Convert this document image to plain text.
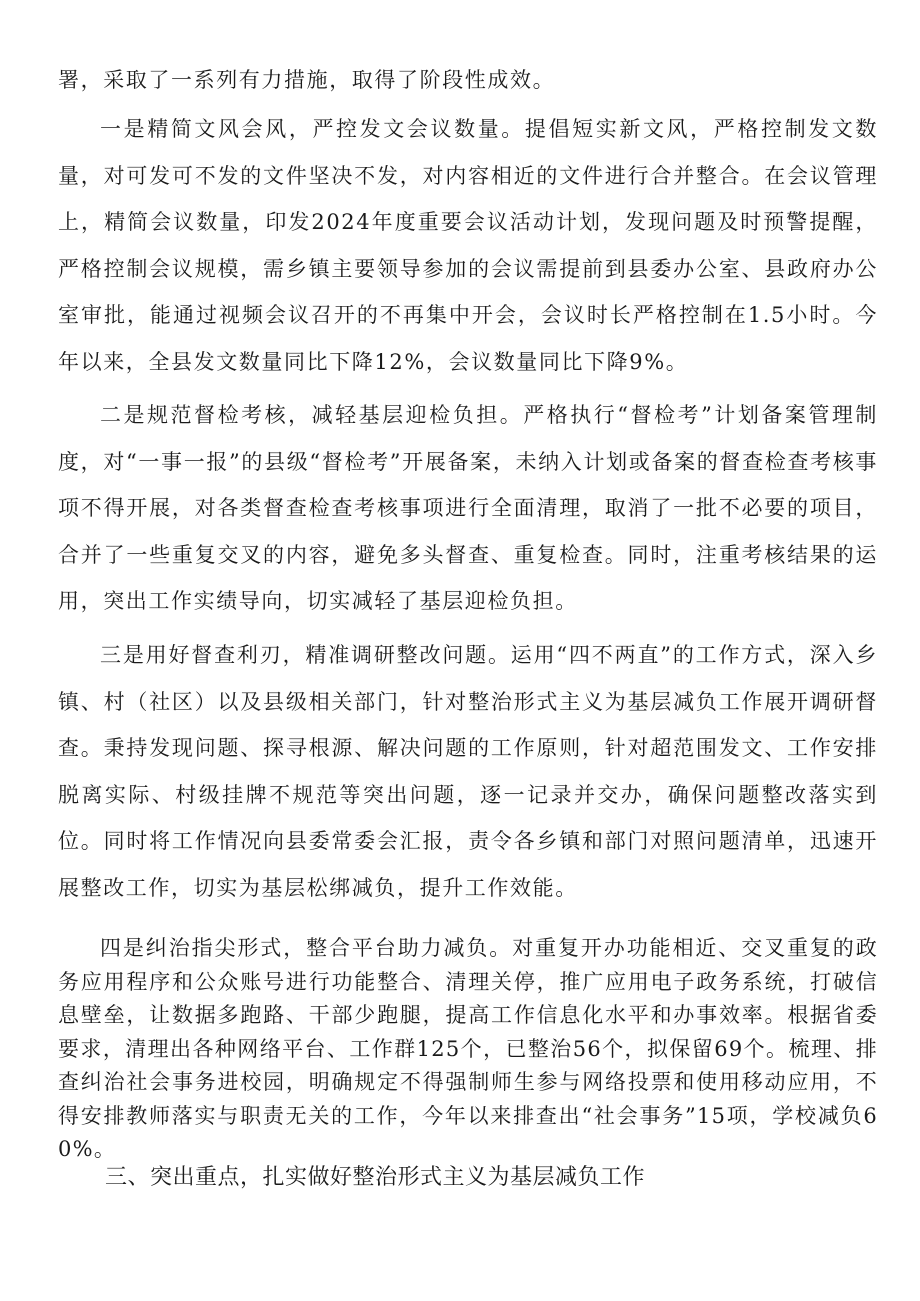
署，采取了一系列有力措施，取得了阶段性成效。

一是精简文风会风，严控发文会议数量。提倡短实新文风，严格控制发文数量，对可发可不发的文件坚决不发，对内容相近的文件进行合并整合。在会议管理上，精简会议数量，印发2024年度重要会议活动计划，发现问题及时预警提醒，严格控制会议规模，需乡镇主要领导参加的会议需提前到县委办公室、县政府办公室审批，能通过视频会议召开的不再集中开会，会议时长严格控制在1.5小时。今年以来，全县发文数量同比下降12%，会议数量同比下降9%。

二是规范督检考核，减轻基层迎检负担。严格执行“督检考”计划备案管理制度，对“一事一报”的县级“督检考”开展备案，未纳入计划或备案的督查检查考核事项不得开展，对各类督查检查考核事项进行全面清理，取消了一批不必要的项目，合并了一些重复交叉的内容，避免多头督查、重复检查。同时，注重考核结果的运用，突出工作实绩导向，切实减轻了基层迎检负担。

三是用好督查利刃，精准调研整改问题。运用“四不两直”的工作方式，深入乡镇、村（社区）以及县级相关部门，针对整治形式主义为基层减负工作展开调研督查。秉持发现问题、探寻根源、解决问题的工作原则，针对超范围发文、工作安排脱离实际、村级挂牌不规范等突出问题，逐一记录并交办，确保问题整改落实到位。同时将工作情况向县委常委会汇报，责令各乡镇和部门对照问题清单，迅速开展整改工作，切实为基层松绑减负，提升工作效能。

四是纠治指尖形式，整合平台助力减负。对重复开办功能相近、交叉重复的政务应用程序和公众账号进行功能整合、清理关停，推广应用电子政务系统，打破信息壁垒，让数据多跑路、干部少跑腿，提高工作信息化水平和办事效率。根据省委要求，清理出各种网络平台、工作群125个，已整治56个，拟保留69个。梳理、排查纠治社会事务进校园，明确规定不得强制师生参与网络投票和使用移动应用，不得安排教师落实与职责无关的工作，今年以来排查出“社会事务”15项，学校减负60%。

三、突出重点，扎实做好整治形式主义为基层减负工作
